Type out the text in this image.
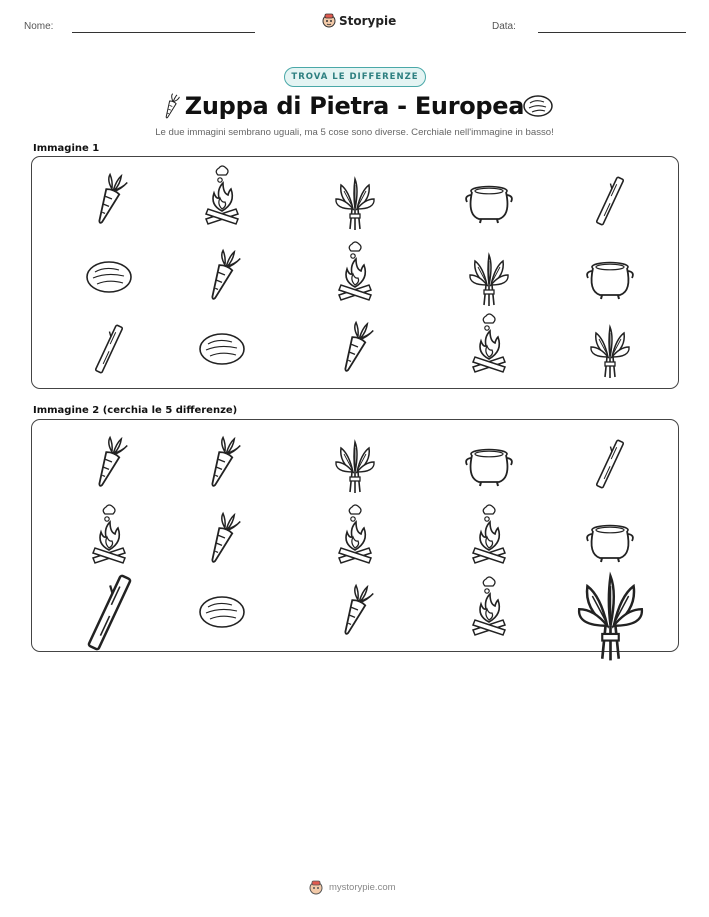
Nome:	Storypie	Data:
TROVA LE DIFFERENZE
Zuppa di Pietra - Europea
Le due immagini sembrano uguali, ma 5 cose sono diverse. Cerchiale nell'immagine in basso!
Immagine 1
Immagine 2 (cerchia le 5 differenze)
mystorypie.com
